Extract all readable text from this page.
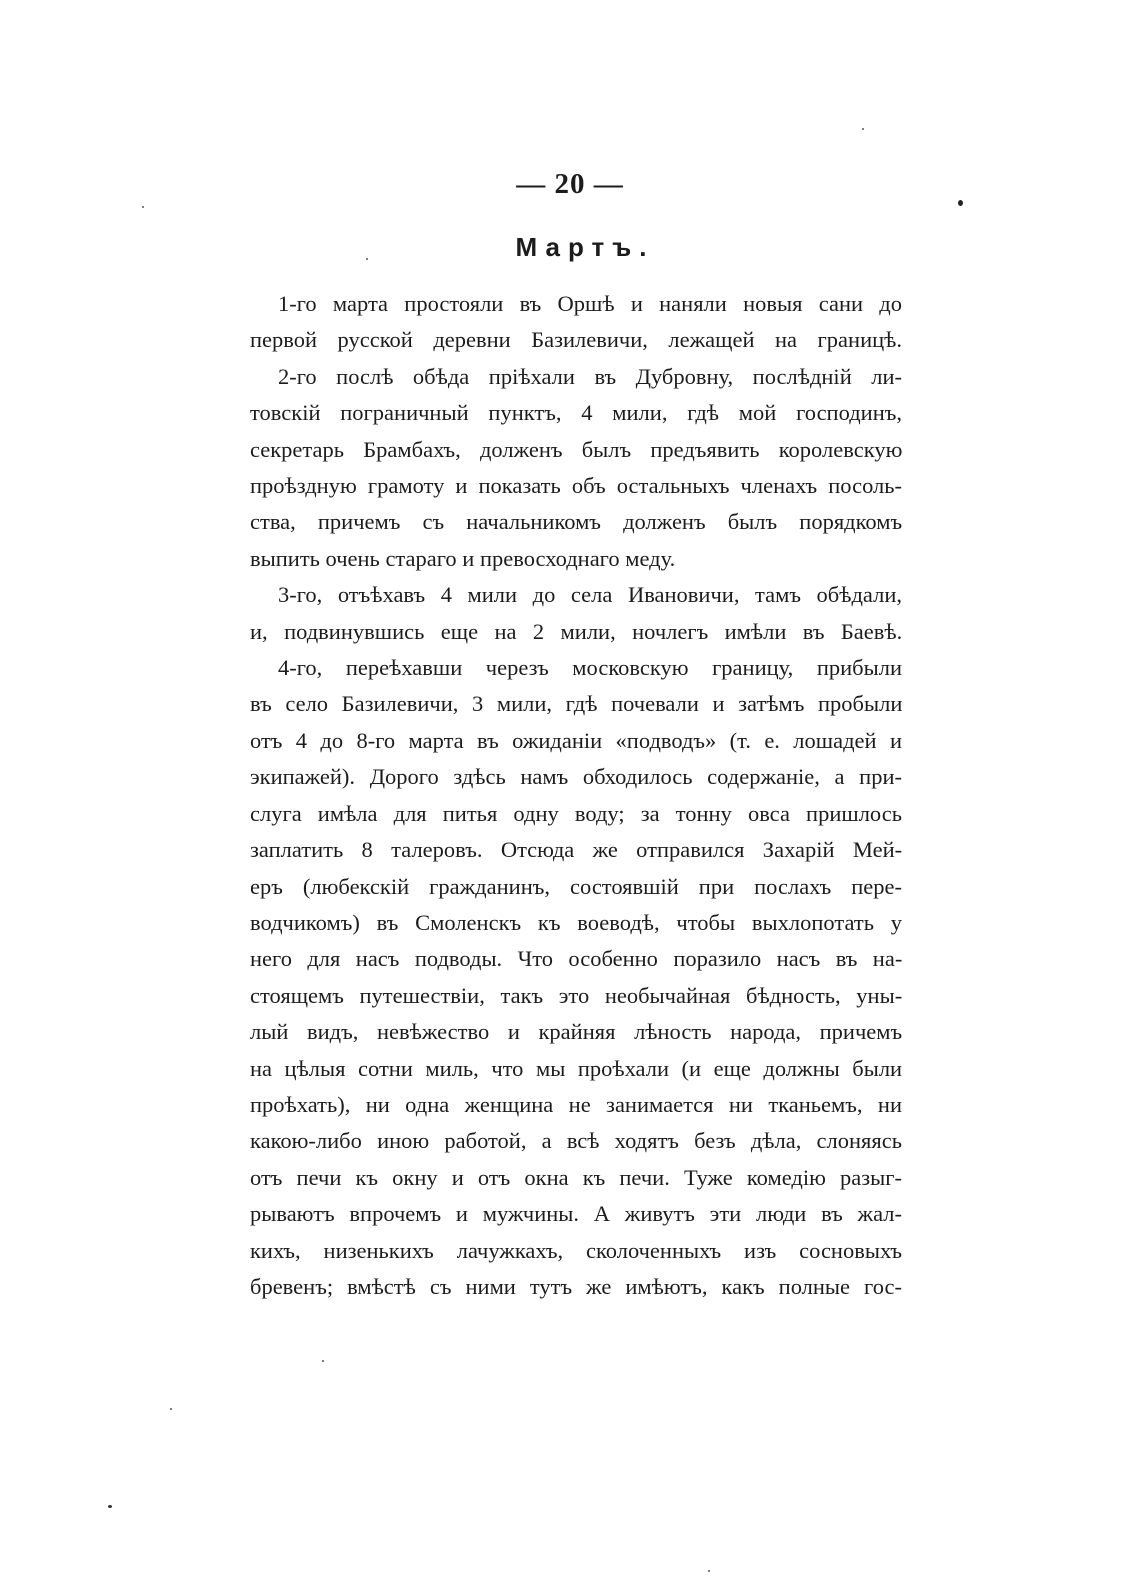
— 20 —
Мартъ.

1-го марта простояли въ Оршѣ и наняли новыя сани до
первой русской деревни Базилевичи, лежащей на границѣ.

2-го послѣ обѣда пріѣхали въ Дубровну, послѣдній ли-
товскій пограничный пунктъ, 4 мили, гдѣ мой господинъ,
секретарь Брамбахъ, долженъ былъ предъявить королевскую
проѣздную грамоту и показать объ остальныхъ членахъ посоль-
ства, причемъ съ начальникомъ долженъ былъ порядкомъ
выпить очень стараго и превосходнаго меду.

3-го, отъѣхавъ 4 мили до села Ивановичи, тамъ обѣдали,
и, подвинувшись еще на 2 мили, ночлегъ имѣли въ Баевѣ.

4-го, переѣхавши черезъ московскую границу, прибыли
въ село Базилевичи, 3 мили, гдѣ почевали и затѣмъ пробыли
отъ 4 до 8-го марта въ ожиданіи «подводъ» (т. е. лошадей и
экипажей). Дорого здѣсь намъ обходилось содержаніе, а при-
слуга имѣла для питья одну воду; за тонну овса пришлось
заплатить 8 талеровъ. Отсюда же отправился Захарій Мей-
еръ (любекскій гражданинъ, состоявшій при послахъ пере-
водчикомъ) въ Смоленскъ къ воеводѣ, чтобы выхлопотать у
него для насъ подводы. Что особенно поразило насъ въ на-
стоящемъ путешествіи, такъ это необычайная бѣдность, уны-
лый видъ, невѣжество и крайняя лѣность народа, причемъ
на цѣлыя сотни миль, что мы проѣхали (и еще должны были
проѣхать), ни одна женщина не занимается ни тканьемъ, ни
какою-либо иною работой, а всѣ ходятъ безъ дѣла, слоняясь
отъ печи къ окну и отъ окна къ печи. Туже комедію разыг-
рываютъ впрочемъ и мужчины. А живутъ эти люди въ жал-
кихъ, низенькихъ лачужкахъ, сколоченныхъ изъ сосновыхъ
бревенъ; вмѣстѣ съ ними тутъ же имѣютъ, какъ полные гос-
